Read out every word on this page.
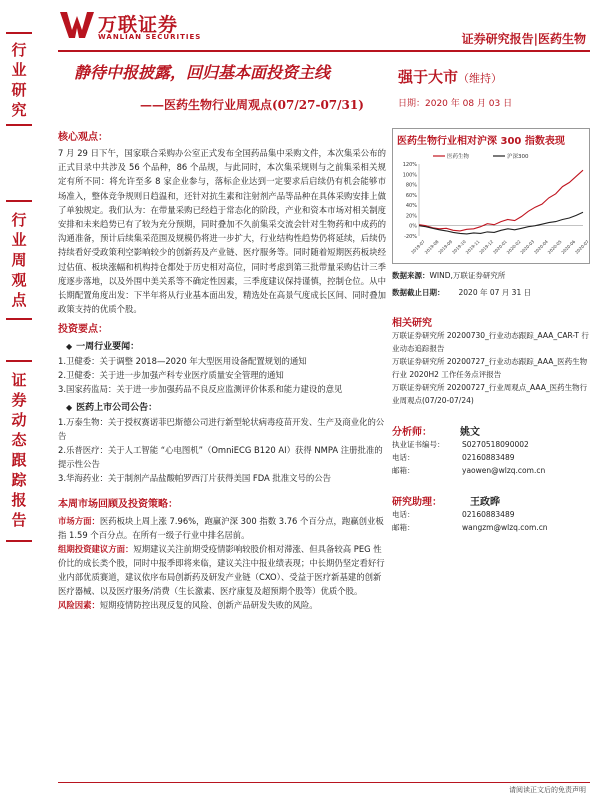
行业研究
行业周观点
证券动态跟踪报告
万联证券
WANLIAN SECURITIES	证券研究报告|医药生物
静待中报披露，回归基本面投资主线
——医药生物行业周观点(07/27-07/31)
强于大市（维持）
日期：2020 年 08 月 03 日
核心观点：

7 月 29 日下午，国家联合采购办公室正式发布全国药品集中采购文件，本次集采公布的正式目录中共涉及 56 个品种，86 个品规，与此同时，本次集采规则与之前集采相关规定有所不同：将允许至多 8 家企业参与，落标企业达到一定要求后启续仍有机会能够市场准入，整体竞争规则日趋温和，还针对抗生素和注射剂产品等品种在具体采购安排上做了单独规定。我们认为：在带量采购已经趋于常态化的阶段，产业和资本市场对相关制度安排和未来趋势已有了较为充分预期，同时叠加不久前集采交流会针对生物药和中成药的沟通准备，预计后续集采范围及规模仍将进一步扩大，行业结构性趋势仍将延续，后续仍持续看好受政策利空影响较少的创新药及产业链、医疗服务等。同时随着短期医药板块经过估值、板块涨幅和机构持仓都处于历史相对高位，同时考虑到第三批带量采购估计三季度逐步落地，以及外围中美关系等不确定性因素，三季度建议保持谨慎，控制仓位。从中长期配置角度出发：下半年将从行业基本面出发，精选处在高景气度成长区间、同时叠加政策支持的优质个股。

投资要点：
◆ 一周行业要闻：

1.卫健委：关于调整 2018—2020 年大型医用设备配置规划的通知

2.卫健委：关于进一步加强产科专业医疗质量安全管理的通知

3.国家药监局：关于进一步加强药品不良反应监测评价体系和能力建设的意见

◆ 医药上市公司公告：

1.万泰生物：关于授权赛诺菲巴斯德公司进行新型轮状病毒疫苗开发、生产及商业化的公告

2.乐普医疗：关于人工智能 “心电图机”（OmniECG B120 AI）获得 NMPA 注册批准的提示性公告

3.华海药业：关于制剂产品盐酸帕罗西汀片获得美国 FDA 批准文号的公告

本周市场回顾及投资策略：

市场方面：医药板块上周上涨 7.96%，跑赢沪深 300 指数 3.76 个百分点，跑赢创业板指 1.59 个百分点。在所有一级子行业中排名居前。

组期投资建议方面：短期建议关注前期受疫情影响较股价相对滞涨、但具备较高 PEG 性价比的成长类个股，同时中报季即将来临，建议关注中报业绩表现；中长期仍坚定看好行业内部优质赛道，建议依序布局创新药及研发产业链（CXO）、受益于医疗新基建的创新医疗器械、以及医疗服务/消费（生长激素、医疗康复及超预期个股等）优质个股。

风险因素：短期疫情防控出现反复的风险、创新产品研发失败的风险。

医药生物行业相对沪深 300 指数表现
120%
100%
80%
60%
40%
20%
0%
-20%
2019-07
2019-08
2019-09
2019-10
2019-11
2019-12
2020-01
2020-02
2020-03
2020-04
2020-05
2020-06
2020-07
医药生物	沪深300
数据来源：WIND,万联证券研究所
数据截止日期： 2020 年 07 月 31 日
相关研究
万联证券研究所 20200730_行业动态跟踪_AAA_CAR-T 行业动态追踪报告
万联证券研究所 20200727_行业动态跟踪_AAA_医药生物行业 2020H2 工作任务点评报告
万联证券研究所 20200727_行业周观点_AAA_医药生物行业周观点(07/20-07/24)
分析师：	姚文
执业证书编号：	S0270518090002
电话：	02160883489
邮箱：	yaowen@wlzq.com.cn
研究助理：	王政晔
电话：	02160883489
邮箱：	wangzm@wlzq.com.cn
请阅读正文后的免责声明
